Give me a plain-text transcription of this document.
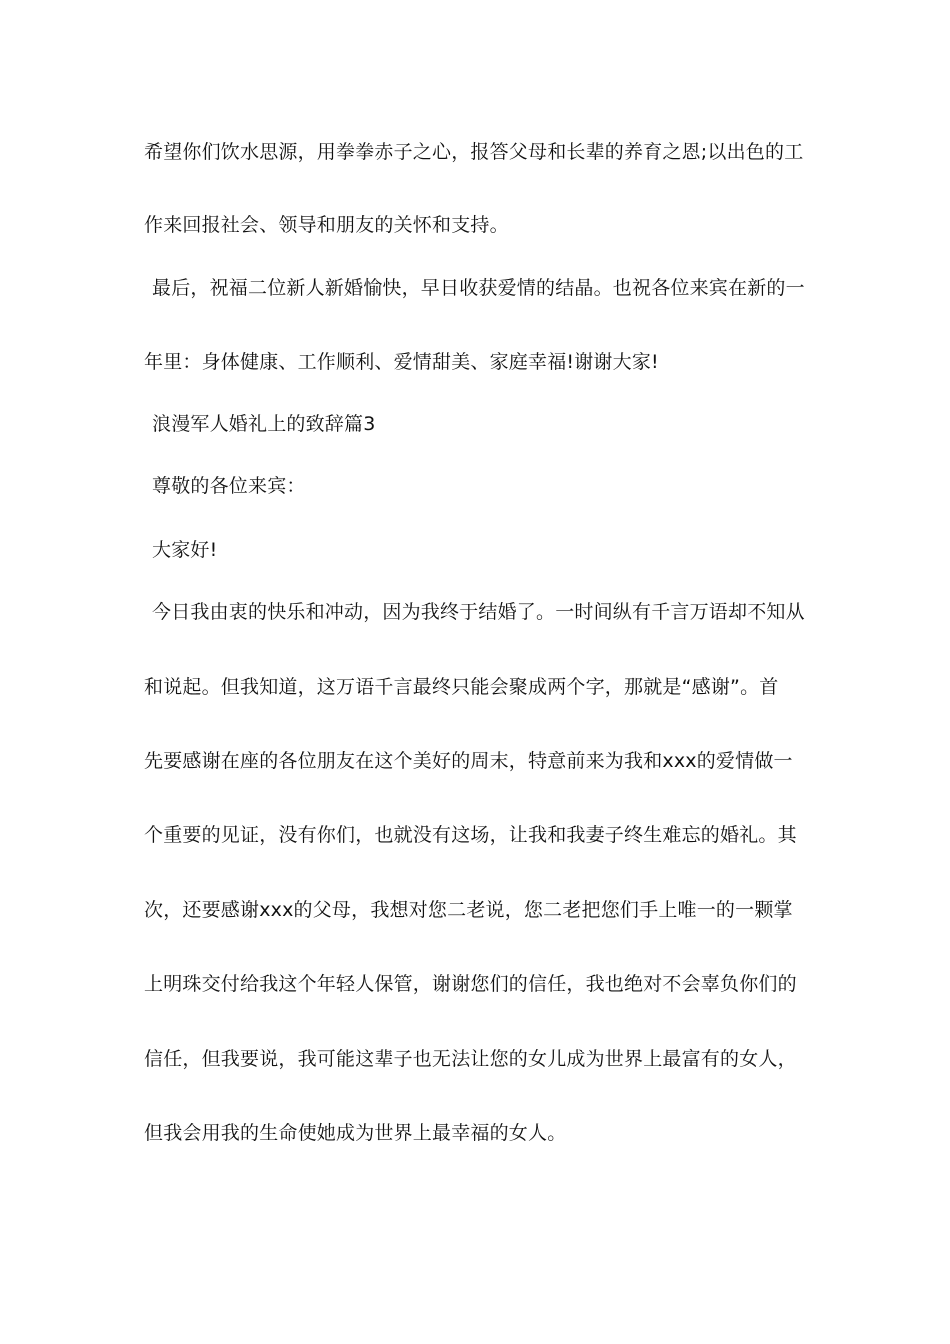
希望你们饮水思源，用拳拳赤子之心，报答父母和长辈的养育之恩;以出色的工
作来回报社会、领导和朋友的关怀和支持。
最后，祝福二位新人新婚愉快，早日收获爱情的结晶。也祝各位来宾在新的一
年里：身体健康、工作顺利、爱情甜美、家庭幸福!谢谢大家!
浪漫军人婚礼上的致辞篇3
尊敬的各位来宾：
大家好!
今日我由衷的快乐和冲动，因为我终于结婚了。一时间纵有千言万语却不知从
和说起。但我知道，这万语千言最终只能会聚成两个字，那就是“感谢”。首
先要感谢在座的各位朋友在这个美好的周末，特意前来为我和xxx的爱情做一
个重要的见证，没有你们，也就没有这场，让我和我妻子终生难忘的婚礼。其
次，还要感谢xxx的父母，我想对您二老说，您二老把您们手上唯一的一颗掌
上明珠交付给我这个年轻人保管，谢谢您们的信任，我也绝对不会辜负你们的
信任，但我要说，我可能这辈子也无法让您的女儿成为世界上最富有的女人，
但我会用我的生命使她成为世界上最幸福的女人。
